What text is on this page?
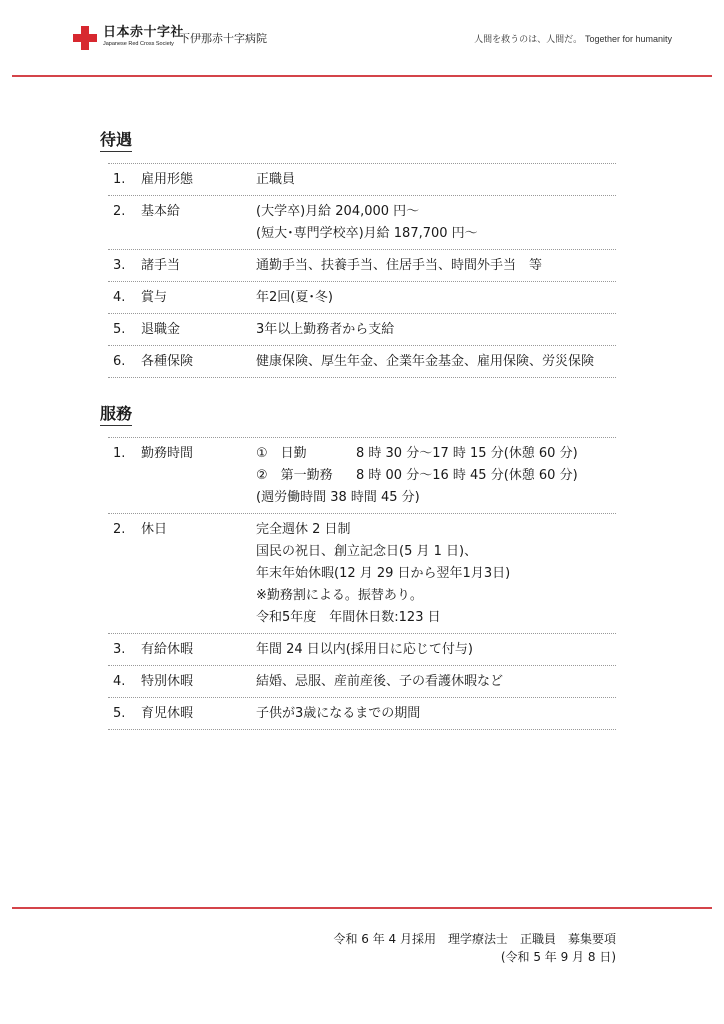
日本赤十字社
Japanese Red Cross Society 下伊那赤十字病院	人間を救うのは、人間だ。 Together for humanity
待遇
1. 雇用形態	正職員
2. 基本給	(大学卒)月給 204,000 円～
(短大･専門学校卒)月給 187,700 円～
3. 諸手当	通勤手当、扶養手当、住居手当、時間外手当　等
4. 賞与	年2回(夏･冬)
5. 退職金	3年以上勤務者から支給
6. 各種保険	健康保険、厚生年金、企業年金基金、雇用保険、労災保険
服務
1. 勤務時間	①　日勤	8 時 30 分～17 時 15 分(休憩 60 分)
②　第一勤務	8 時 00 分～16 時 45 分(休憩 60 分)
(週労働時間 38 時間 45 分)
2. 休日	完全週休 2 日制
国民の祝日、創立記念日(5 月 1 日)、
年末年始休暇(12 月 29 日から翌年1月3日)
※勤務割による。振替あり。
令和5年度　年間休日数:123 日
3. 有給休暇	年間 24 日以内(採用日に応じて付与)
4. 特別休暇	結婚、忌服、産前産後、子の看護休暇など
5. 育児休暇	子供が3歳になるまでの期間
令和 6 年 4 月採用　理学療法士　正職員　募集要項
(令和 5 年 9 月 8 日)
